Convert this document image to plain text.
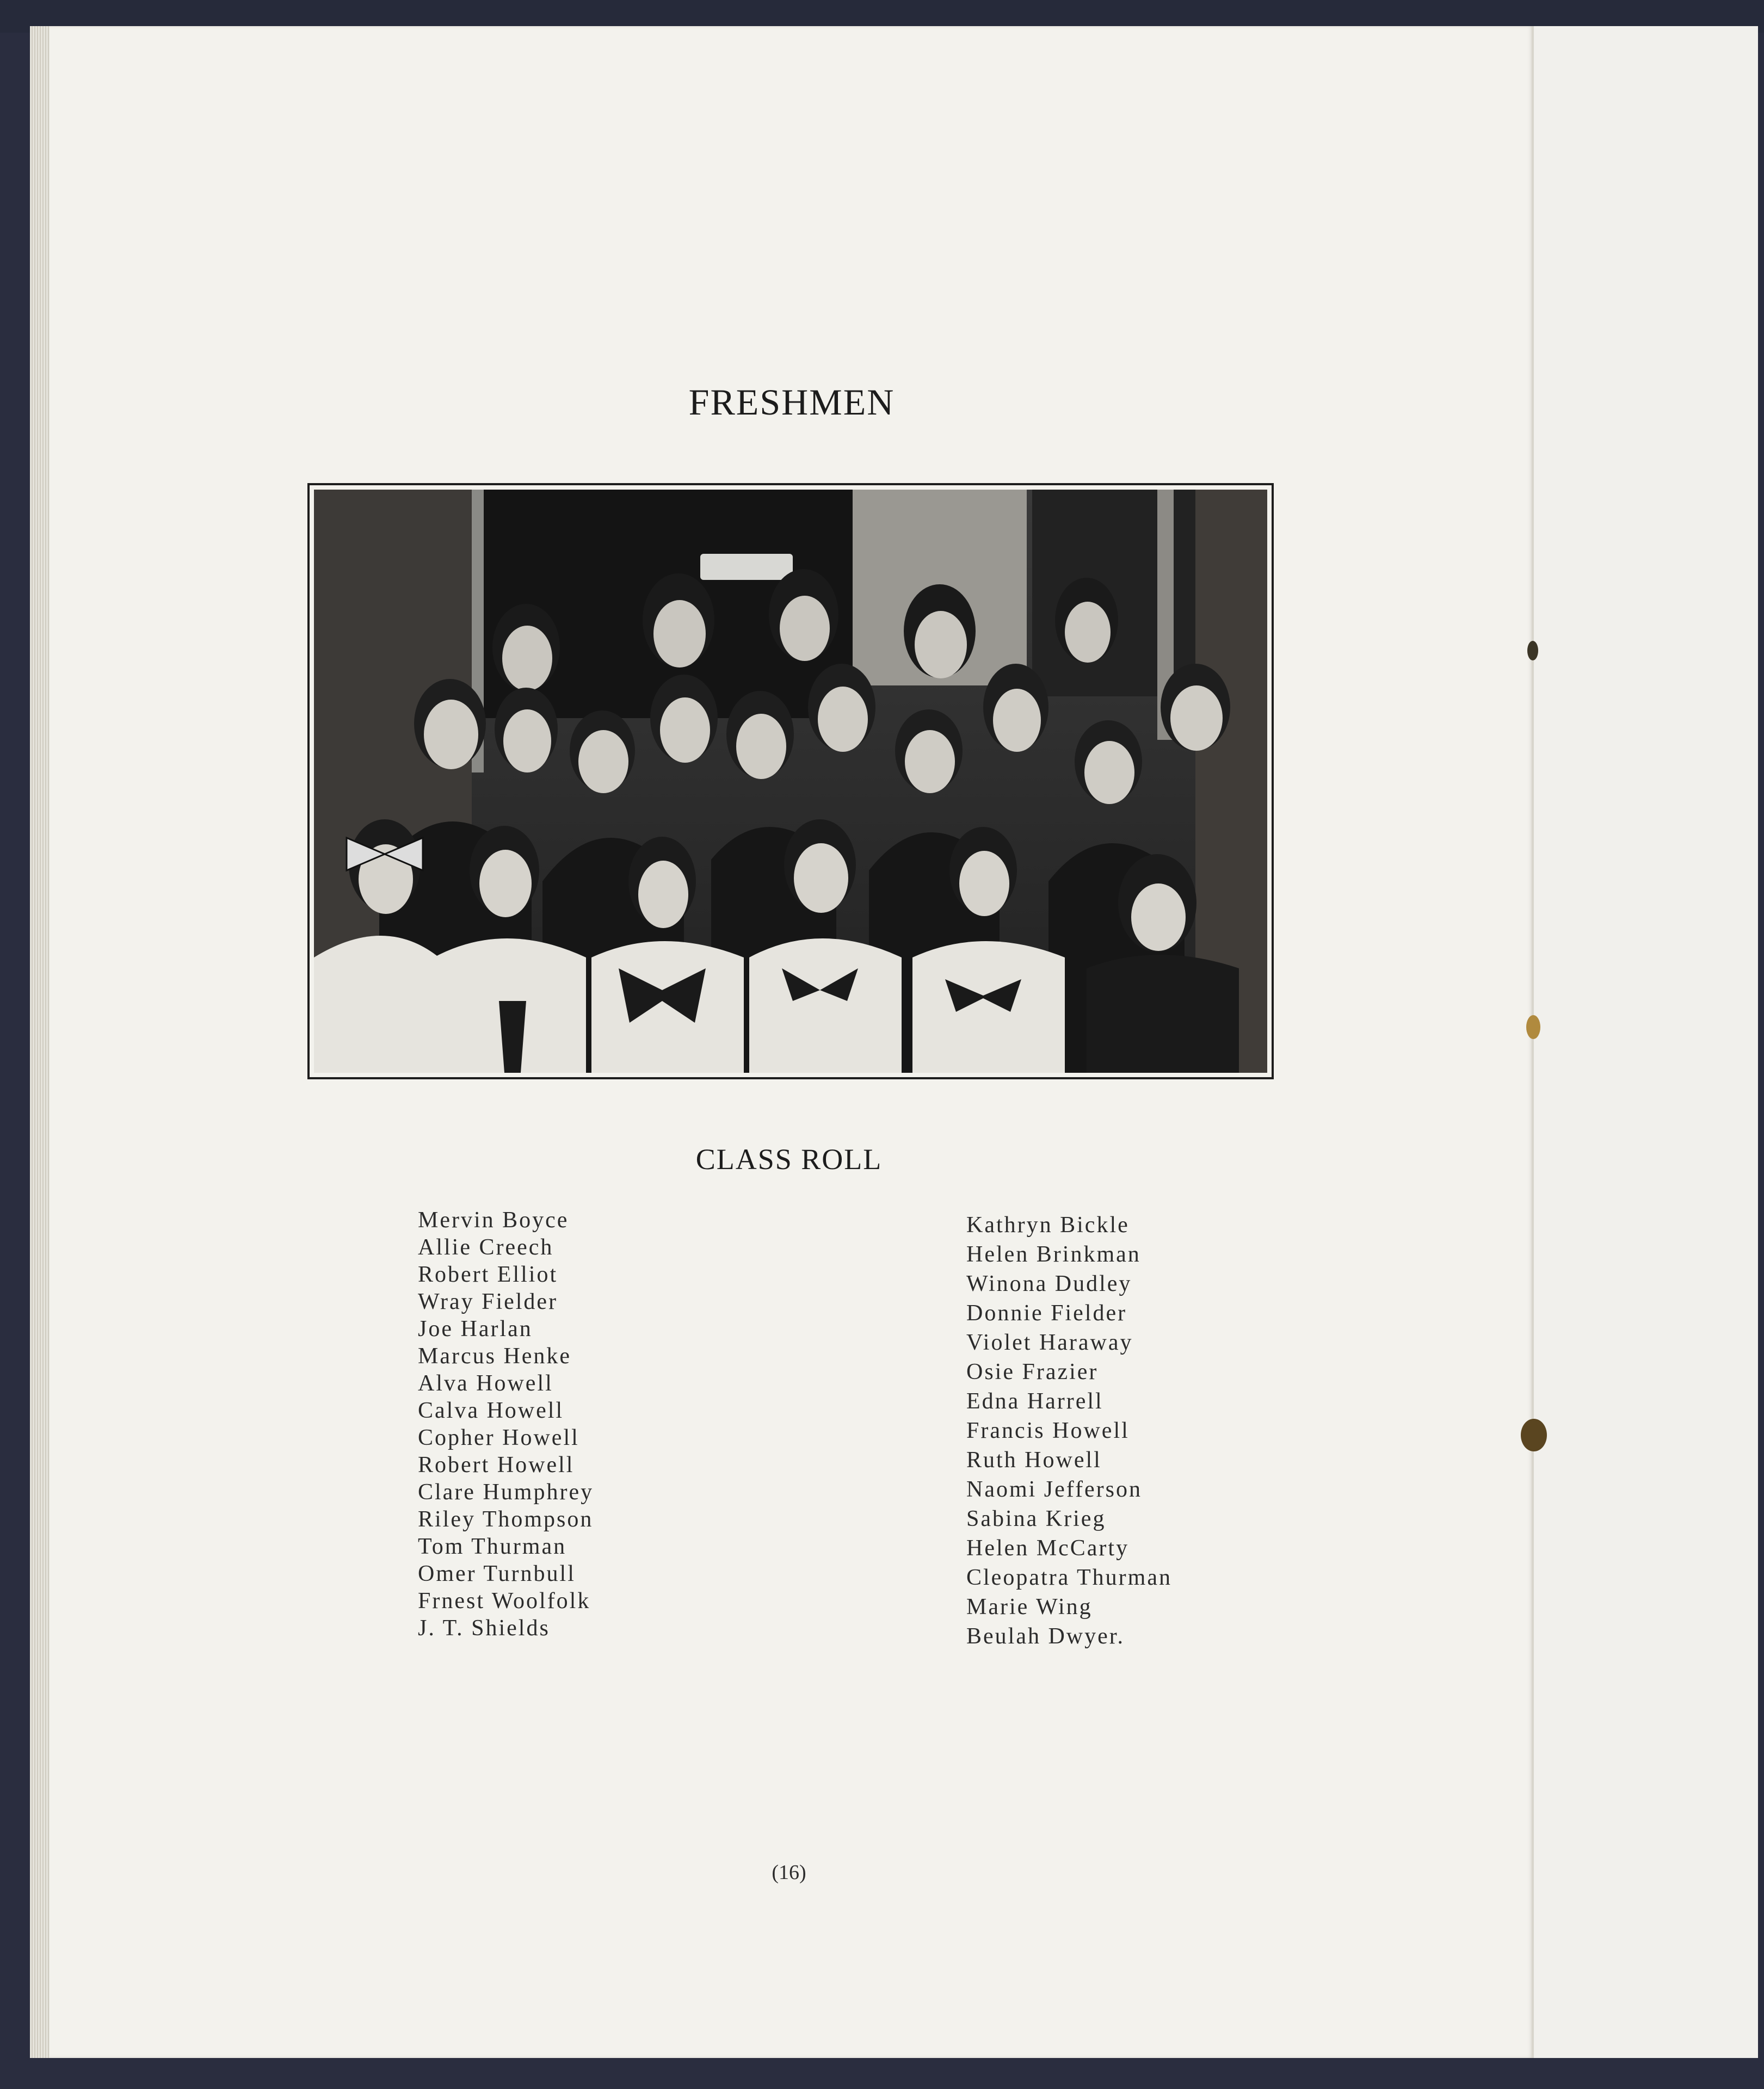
FRESHMEN
CLASS ROLL
Mervin Boyce
Allie Creech
Robert Elliot
Wray Fielder
Joe Harlan
Marcus Henke
Alva Howell
Calva Howell
Copher Howell
Robert Howell
Clare Humphrey
Riley Thompson
Tom Thurman
Omer Turnbull
Frnest Woolfolk
J. T. Shields
Kathryn Bickle
Helen Brinkman
Winona Dudley
Donnie Fielder
Violet Haraway
Osie Frazier
Edna Harrell
Francis Howell
Ruth Howell
Naomi Jefferson
Sabina Krieg
Helen McCarty
Cleopatra Thurman
Marie Wing
Beulah Dwyer.
(16)
